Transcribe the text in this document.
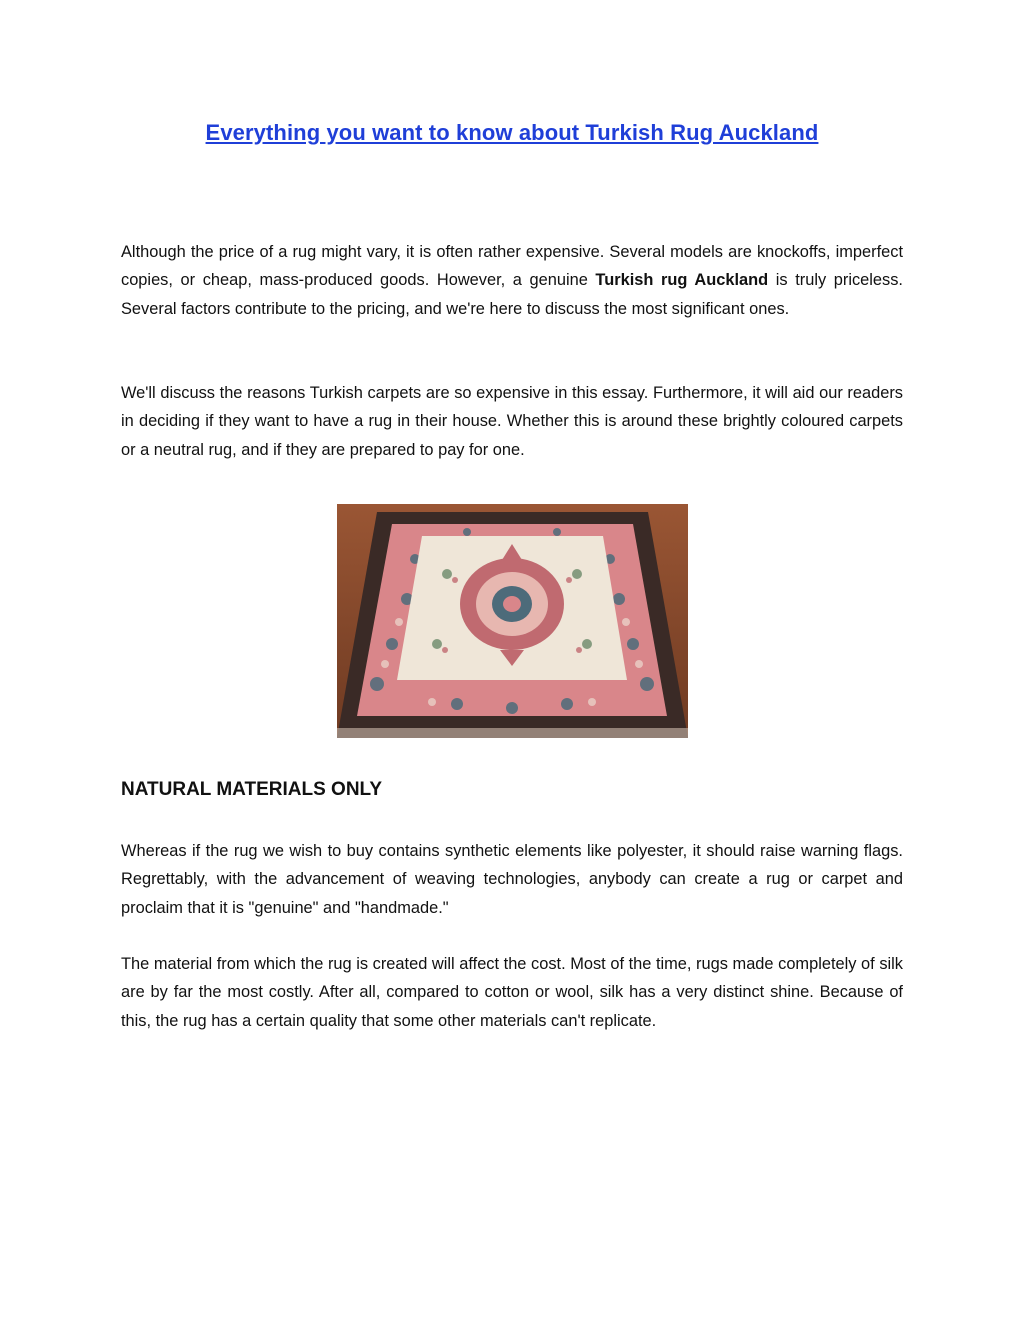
Everything you want to know about Turkish Rug Auckland

Although the price of a rug might vary, it is often rather expensive. Several models are knockoffs, imperfect copies, or cheap, mass-produced goods. However, a genuine Turkish rug Auckland is truly priceless. Several factors contribute to the pricing, and we're here to discuss the most significant ones.

We'll discuss the reasons Turkish carpets are so expensive in this essay. Furthermore, it will aid our readers in deciding if they want to have a rug in their house. Whether this is around these brightly coloured carpets or a neutral rug, and if they are prepared to pay for one.

NATURAL MATERIALS ONLY

Whereas if the rug we wish to buy contains synthetic elements like polyester, it should raise warning flags. Regrettably, with the advancement of weaving technologies, anybody can create a rug or carpet and proclaim that it is "genuine" and "handmade."

The material from which the rug is created will affect the cost. Most of the time, rugs made completely of silk are by far the most costly. After all, compared to cotton or wool, silk has a very distinct shine. Because of this, the rug has a certain quality that some other materials can't replicate.
